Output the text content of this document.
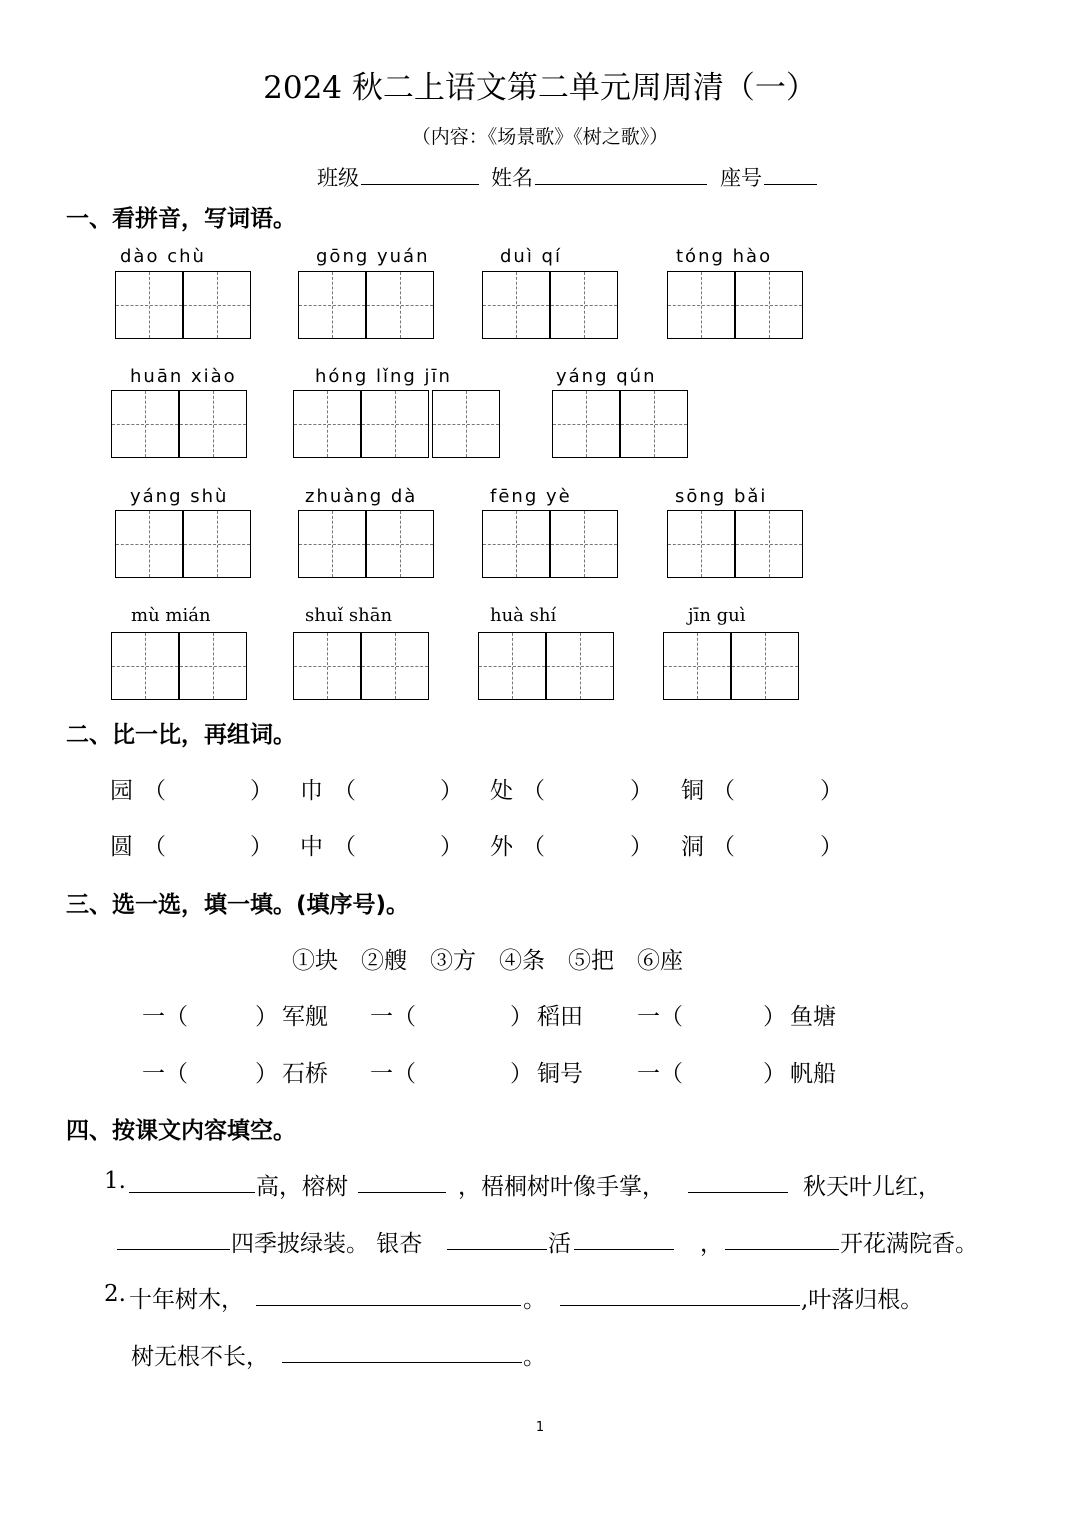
2024 秋二上语文第二单元周周清（一）
（内容：《场景歌》《树之歌》）
班级	姓名	座号
一、看拼音，写词语。
dào chù	gōng yuán	duì qí	tóng hào
huān xiào	hóng lǐng jīn	yáng qún
yáng shù	zhuàng dà	fēng yè	sōng bǎi
mù mián	shuǐ shān	huà shí	jīn guì
二、比一比，再组词。
园 （	） 巾 （	） 处 （	） 铜 （	）
圆 （	） 中 （	） 外 （	） 洞 （	）
三、选一选，填一填。(填序号)。
①块　②艘　③方　④条　⑤把　⑥座
一（	） 军舰 一（	） 稻田 一（	） 鱼塘
一（	） 石桥 一（	） 铜号 一（	） 帆船
四、按课文内容填空。
1.	高，榕树	，梧桐树叶像手掌，	秋天叶儿红，
四季披绿装。 银杏	活	，	开花满院香。
2. 十年树木，	。	,叶落归根。
树无根不长，	。
1
